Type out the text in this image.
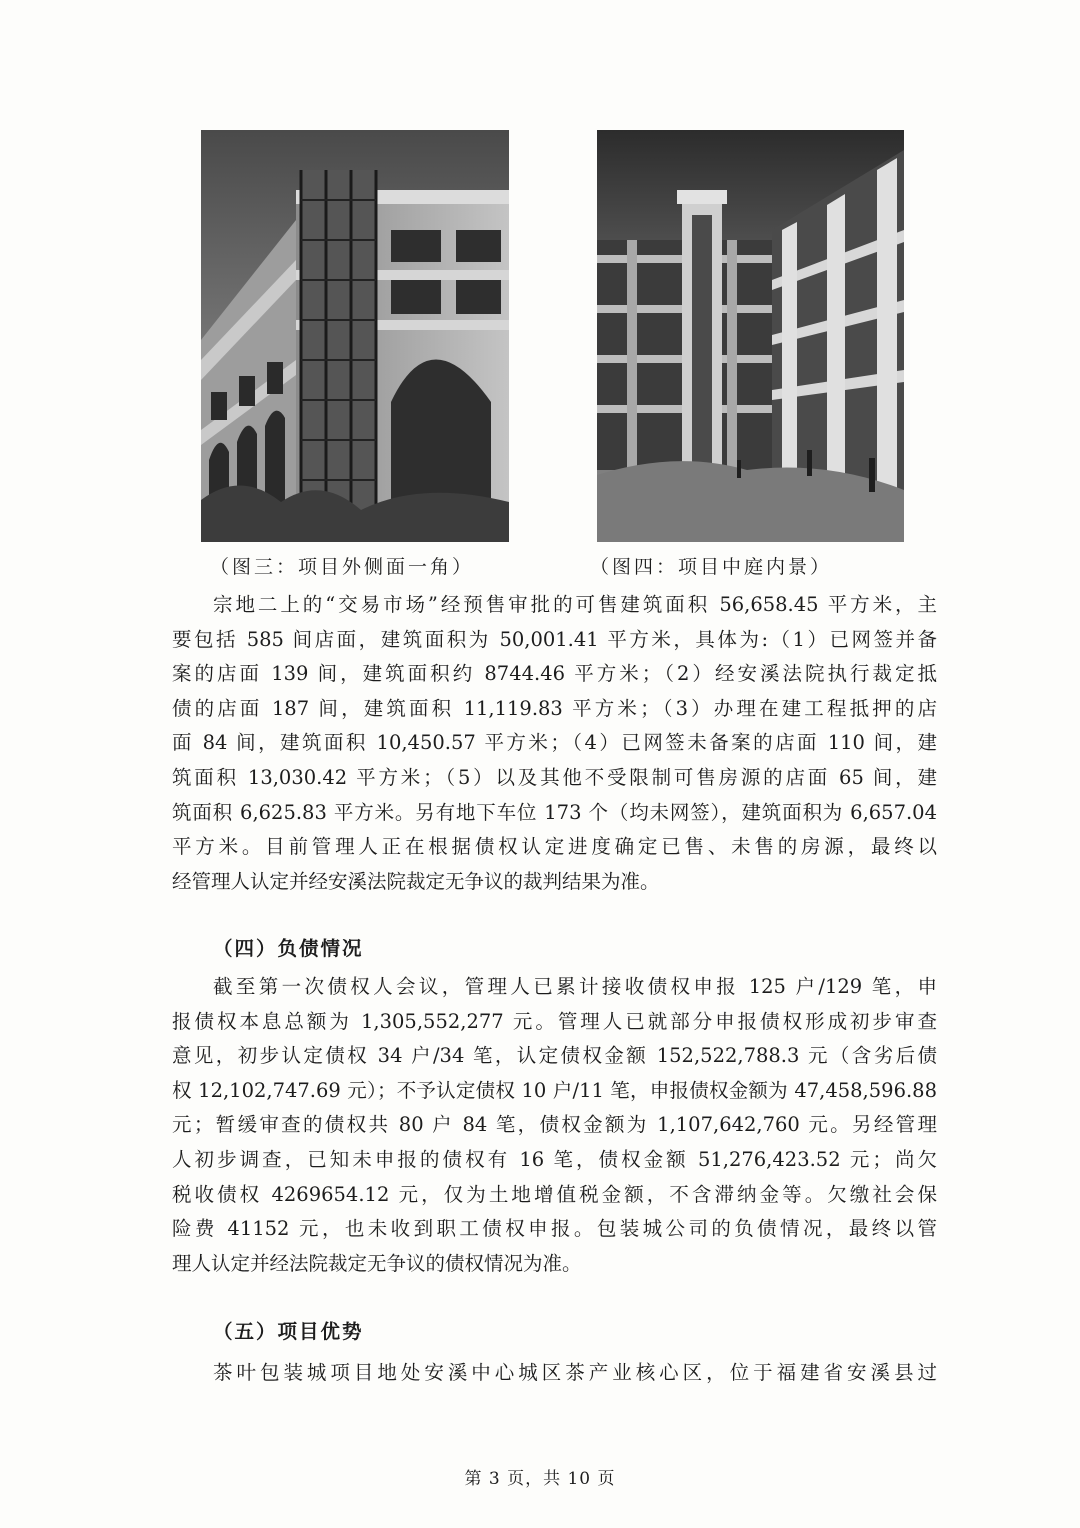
（图三：项目外侧面一角）	（图四：项目中庭内景）
宗地二上的“交易市场”经预售审批的可售建筑面积 56,658.45 平方米，主
要包括 585 间店面，建筑面积为 50,001.41 平方米，具体为:（1）已网签并备
案的店面 139 间，建筑面积约 8744.46 平方米；（2）经安溪法院执行裁定抵
债的店面 187 间，建筑面积 11,119.83 平方米；（3）办理在建工程抵押的店
面 84 间，建筑面积 10,450.57 平方米；（4）已网签未备案的店面 110 间，建
筑面积 13,030.42 平方米；（5）以及其他不受限制可售房源的店面 65 间，建
筑面积 6,625.83 平方米。另有地下车位 173 个（均未网签），建筑面积为 6,657.04
平方米。目前管理人正在根据债权认定进度确定已售、未售的房源，最终以
经管理人认定并经安溪法院裁定无争议的裁判结果为准。
（四）负债情况
截至第一次债权人会议，管理人已累计接收债权申报 125 户/129 笔，申
报债权本息总额为 1,305,552,277 元。管理人已就部分申报债权形成初步审查
意见，初步认定债权 34 户/34 笔，认定债权金额 152,522,788.3 元（含劣后债
权 12,102,747.69 元）；不予认定债权 10 户/11 笔，申报债权金额为 47,458,596.88
元；暂缓审查的债权共 80 户 84 笔，债权金额为 1,107,642,760 元。另经管理
人初步调查，已知未申报的债权有 16 笔，债权金额 51,276,423.52 元；尚欠
税收债权 4269654.12 元，仅为土地增值税金额，不含滞纳金等。欠缴社会保
险费 41152 元，也未收到职工债权申报。包装城公司的负债情况，最终以管
理人认定并经法院裁定无争议的债权情况为准。
（五）项目优势
茶叶包装城项目地处安溪中心城区茶产业核心区，位于福建省安溪县过
第 3 页，共 10 页
